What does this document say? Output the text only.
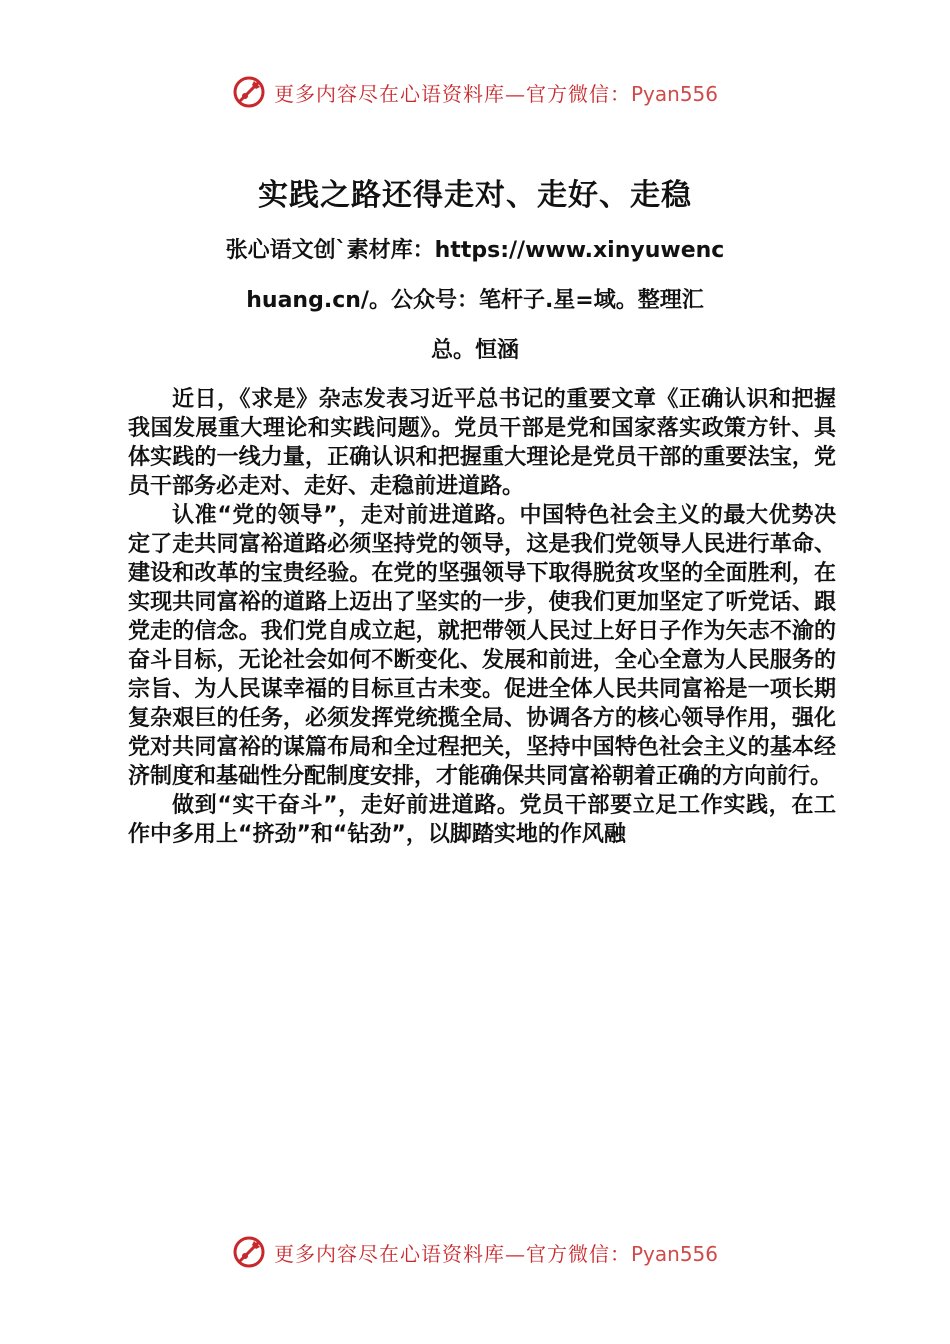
更多内容尽在心语资料库—官方微信：Pyan556
实践之路还得走对、走好、走稳
张心语文创`素材库：https://www.xinyuwenchuang.cn/。公众号：笔杆子.星=域。整理汇总。恒涵

近日，《求是》杂志发表习近平总书记的重要文章《正确认识和把握我国发展重大理论和实践问题》。党员干部是党和国家落实政策方针、具体实践的一线力量，正确认识和把握重大理论是党员干部的重要法宝，党员干部务必走对、走好、走稳前进道路。

认准“党的领导”，走对前进道路。中国特色社会主义的最大优势决定了走共同富裕道路必须坚持党的领导，这是我们党领导人民进行革命、建设和改革的宝贵经验。在党的坚强领导下取得脱贫攻坚的全面胜利，在实现共同富裕的道路上迈出了坚实的一步，使我们更加坚定了听党话、跟党走的信念。我们党自成立起，就把带领人民过上好日子作为矢志不渝的奋斗目标，无论社会如何不断变化、发展和前进，全心全意为人民服务的宗旨、为人民谋幸福的目标亘古未变。促进全体人民共同富裕是一项长期复杂艰巨的任务，必须发挥党统揽全局、协调各方的核心领导作用，强化党对共同富裕的谋篇布局和全过程把关，坚持中国特色社会主义的基本经济制度和基础性分配制度安排，才能确保共同富裕朝着正确的方向前行。

做到“实干奋斗”，走好前进道路。党员干部要立足工作实践，在工作中多用上“挤劲”和“钻劲”，以脚踏实地的作风融

更多内容尽在心语资料库—官方微信：Pyan556
